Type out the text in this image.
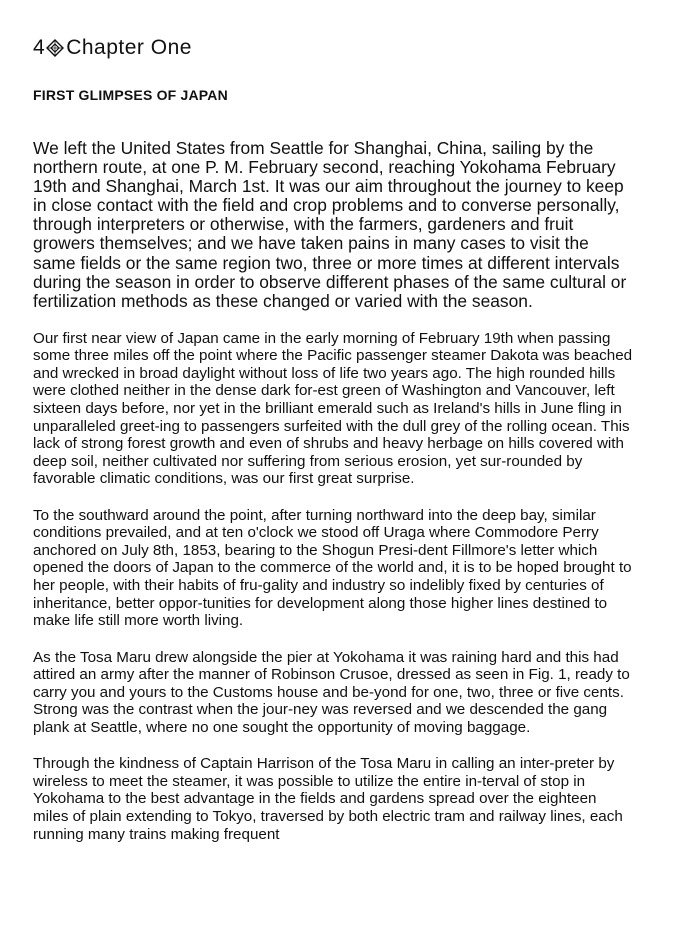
4 Chapter One
FIRST GLIMPSES OF JAPAN

We left the United States from Seattle for Shanghai, China, sailing by the northern route, at one P. M. February second, reaching Yokohama February 19th and Shanghai, March 1st. It was our aim throughout the journey to keep in close contact with the field and crop problems and to converse personally, through interpreters or otherwise, with the farmers, gardeners and fruit growers themselves; and we have taken pains in many cases to visit the same fields or the same region two, three or more times at different intervals during the season in order to observe different phases of the same cultural or fertilization methods as these changed or varied with the season.

Our first near view of Japan came in the early morning of February 19th when passing some three miles off the point where the Pacific passenger steamer Dakota was beached and wrecked in broad daylight without loss of life two years ago. The high rounded hills were clothed neither in the dense dark for-est green of Washington and Vancouver, left sixteen days before, nor yet in the brilliant emerald such as Ireland's hills in June fling in unparalleled greet-ing to passengers surfeited with the dull grey of the rolling ocean. This lack of strong forest growth and even of shrubs and heavy herbage on hills covered with deep soil, neither cultivated nor suffering from serious erosion, yet sur-rounded by favorable climatic conditions, was our first great surprise.

To the southward around the point, after turning northward into the deep bay, similar conditions prevailed, and at ten o'clock we stood off Uraga where Commodore Perry anchored on July 8th, 1853, bearing to the Shogun Presi-dent Fillmore's letter which opened the doors of Japan to the commerce of the world and, it is to be hoped brought to her people, with their habits of fru-gality and industry so indelibly fixed by centuries of inheritance, better oppor-tunities for development along those higher lines destined to make life still more worth living.

As the Tosa Maru drew alongside the pier at Yokohama it was raining hard and this had attired an army after the manner of Robinson Crusoe, dressed as seen in Fig. 1, ready to carry you and yours to the Customs house and be-yond for one, two, three or five cents. Strong was the contrast when the jour-ney was reversed and we descended the gang plank at Seattle, where no one sought the opportunity of moving baggage.

Through the kindness of Captain Harrison of the Tosa Maru in calling an inter-preter by wireless to meet the steamer, it was possible to utilize the entire in-terval of stop in Yokohama to the best advantage in the fields and gardens spread over the eighteen miles of plain extending to Tokyo, traversed by both electric tram and railway lines, each running many trains making frequent
